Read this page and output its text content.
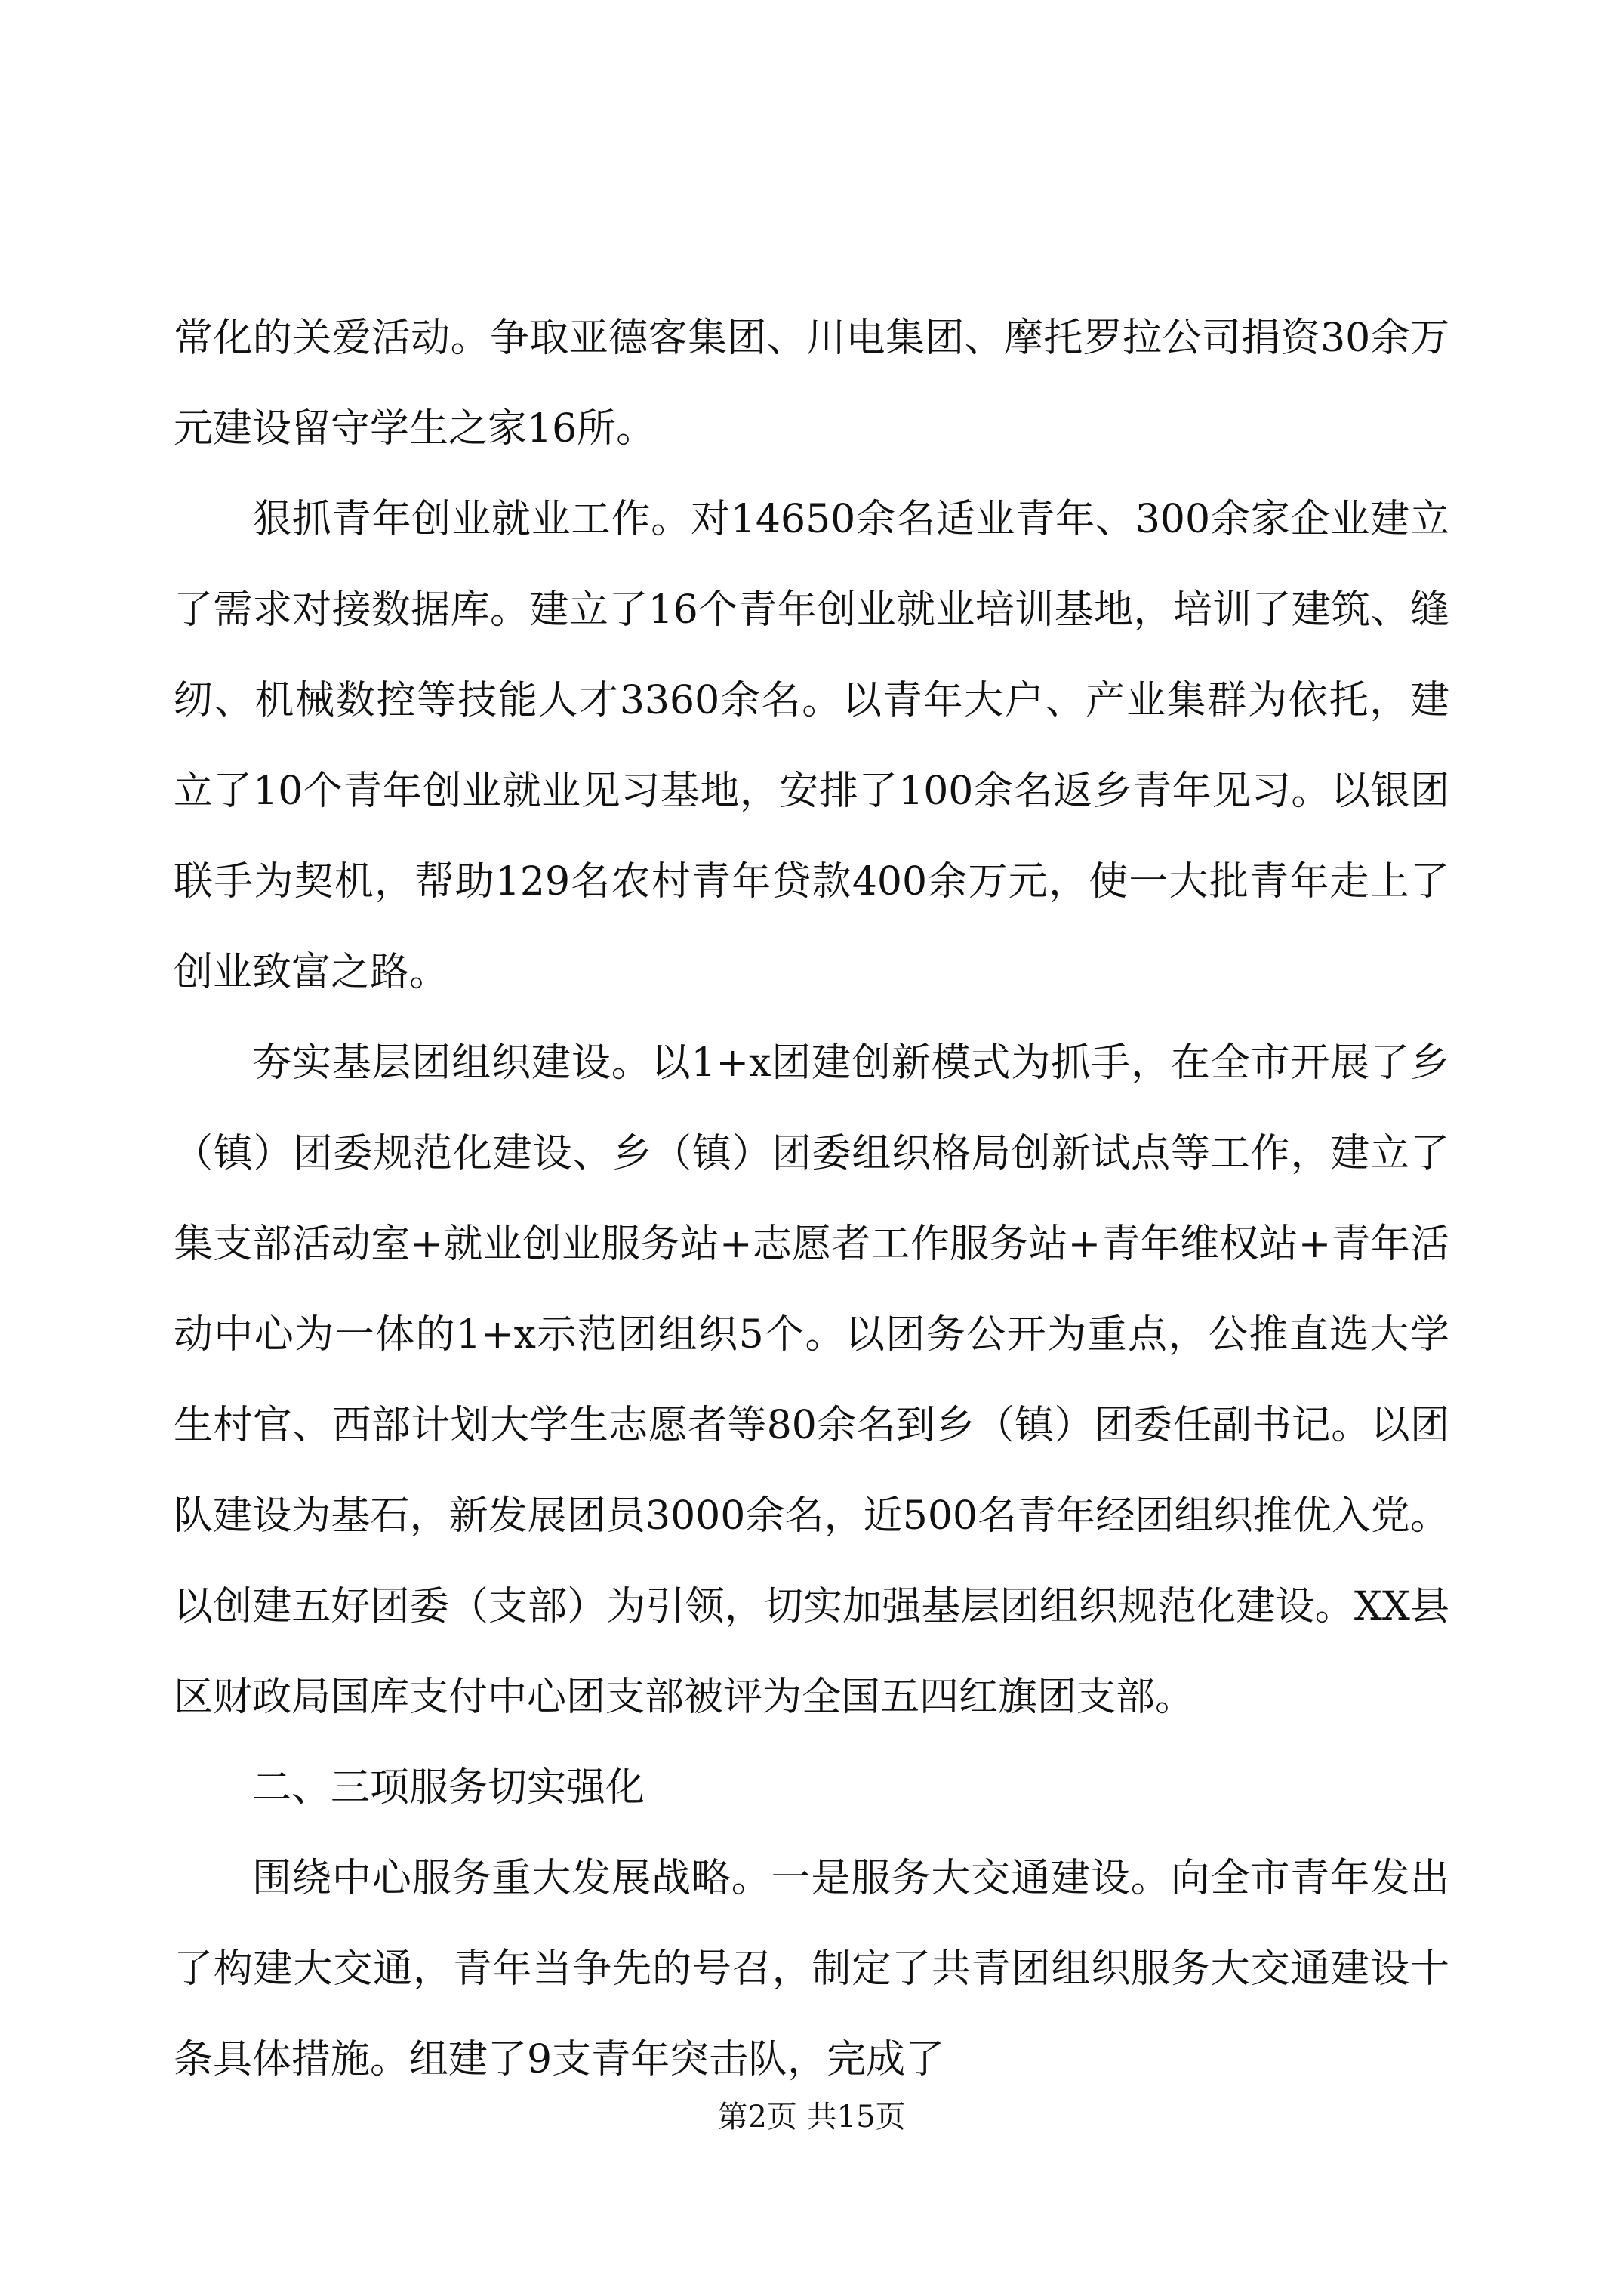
常化的关爱活动。争取亚德客集团、川电集团、摩托罗拉公司捐资30余万元建设留守学生之家16所。

狠抓青年创业就业工作。对14650余名适业青年、300余家企业建立了需求对接数据库。建立了16个青年创业就业培训基地，培训了建筑、缝纫、机械数控等技能人才3360余名。以青年大户、产业集群为依托，建立了10个青年创业就业见习基地，安排了100余名返乡青年见习。以银团联手为契机，帮助129名农村青年贷款400余万元，使一大批青年走上了创业致富之路。

夯实基层团组织建设。以1+x团建创新模式为抓手，在全市开展了乡（镇）团委规范化建设、乡（镇）团委组织格局创新试点等工作，建立了集支部活动室+就业创业服务站+志愿者工作服务站+青年维权站+青年活动中心为一体的1+x示范团组织5个。以团务公开为重点，公推直选大学生村官、西部计划大学生志愿者等80余名到乡（镇）团委任副书记。以团队建设为基石，新发展团员3000余名，近500名青年经团组织推优入党。以创建五好团委（支部）为引领，切实加强基层团组织规范化建设。XX县区财政局国库支付中心团支部被评为全国五四红旗团支部。

二、三项服务切实强化

围绕中心服务重大发展战略。一是服务大交通建设。向全市青年发出了构建大交通，青年当争先的号召，制定了共青团组织服务大交通建设十条具体措施。组建了9支青年突击队，完成了

第2页 共15页
